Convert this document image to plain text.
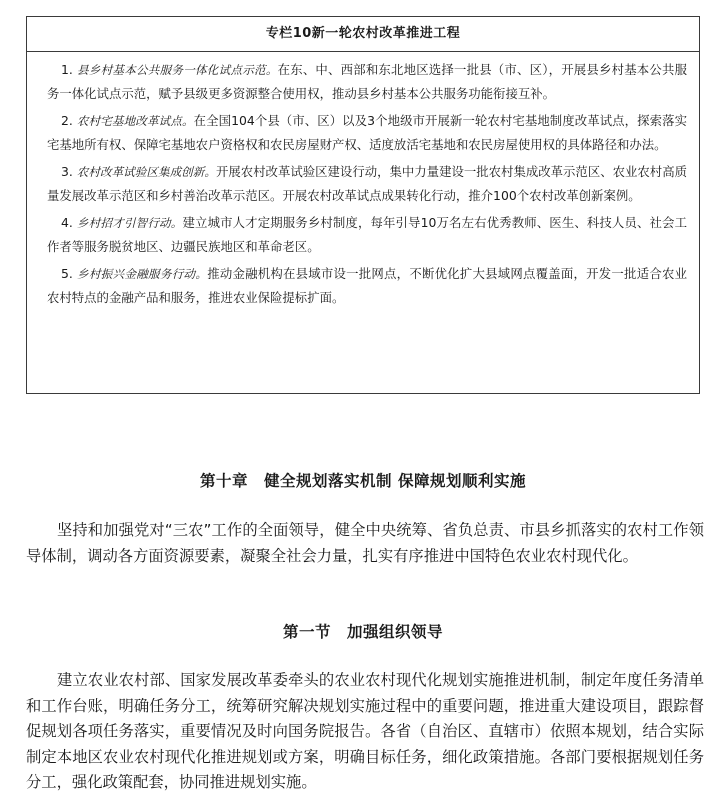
专栏10新一轮农村改革推进工程

1. 县乡村基本公共服务一体化试点示范。在东、中、西部和东北地区选择一批县（市、区），开展县乡村基本公共服务一体化试点示范，赋予县级更多资源整合使用权，推动县乡村基本公共服务功能衔接互补。

2. 农村宅基地改革试点。在全国104个县（市、区）以及3个地级市开展新一轮农村宅基地制度改革试点，探索落实宅基地所有权、保障宅基地农户资格权和农民房屋财产权、适度放活宅基地和农民房屋使用权的具体路径和办法。

3. 农村改革试验区集成创新。开展农村改革试验区建设行动，集中力量建设一批农村集成改革示范区、农业农村高质量发展改革示范区和乡村善治改革示范区。开展农村改革试点成果转化行动，推介100个农村改革创新案例。

4. 乡村招才引智行动。建立城市人才定期服务乡村制度，每年引导10万名左右优秀教师、医生、科技人员、社会工作者等服务脱贫地区、边疆民族地区和革命老区。

5. 乡村振兴金融服务行动。推动金融机构在县域市设一批网点，不断优化扩大县域网点覆盖面，开发一批适合农业农村特点的金融产品和服务，推进农业保险提标扩面。

第十章　健全规划落实机制 保障规划顺利实施

坚持和加强党对“三农”工作的全面领导，健全中央统筹、省负总责、市县乡抓落实的农村工作领导体制，调动各方面资源要素，凝聚全社会力量，扎实有序推进中国特色农业农村现代化。

第一节　加强组织领导

建立农业农村部、国家发展改革委牵头的农业农村现代化规划实施推进机制，制定年度任务清单和工作台账，明确任务分工，统筹研究解决规划实施过程中的重要问题，推进重大建设项目，跟踪督促规划各项任务落实，重要情况及时向国务院报告。各省（自治区、直辖市）依照本规划，结合实际制定本地区农业农村现代化推进规划或方案，明确目标任务，细化政策措施。各部门要根据规划任务分工，强化政策配套，协同推进规划实施。
